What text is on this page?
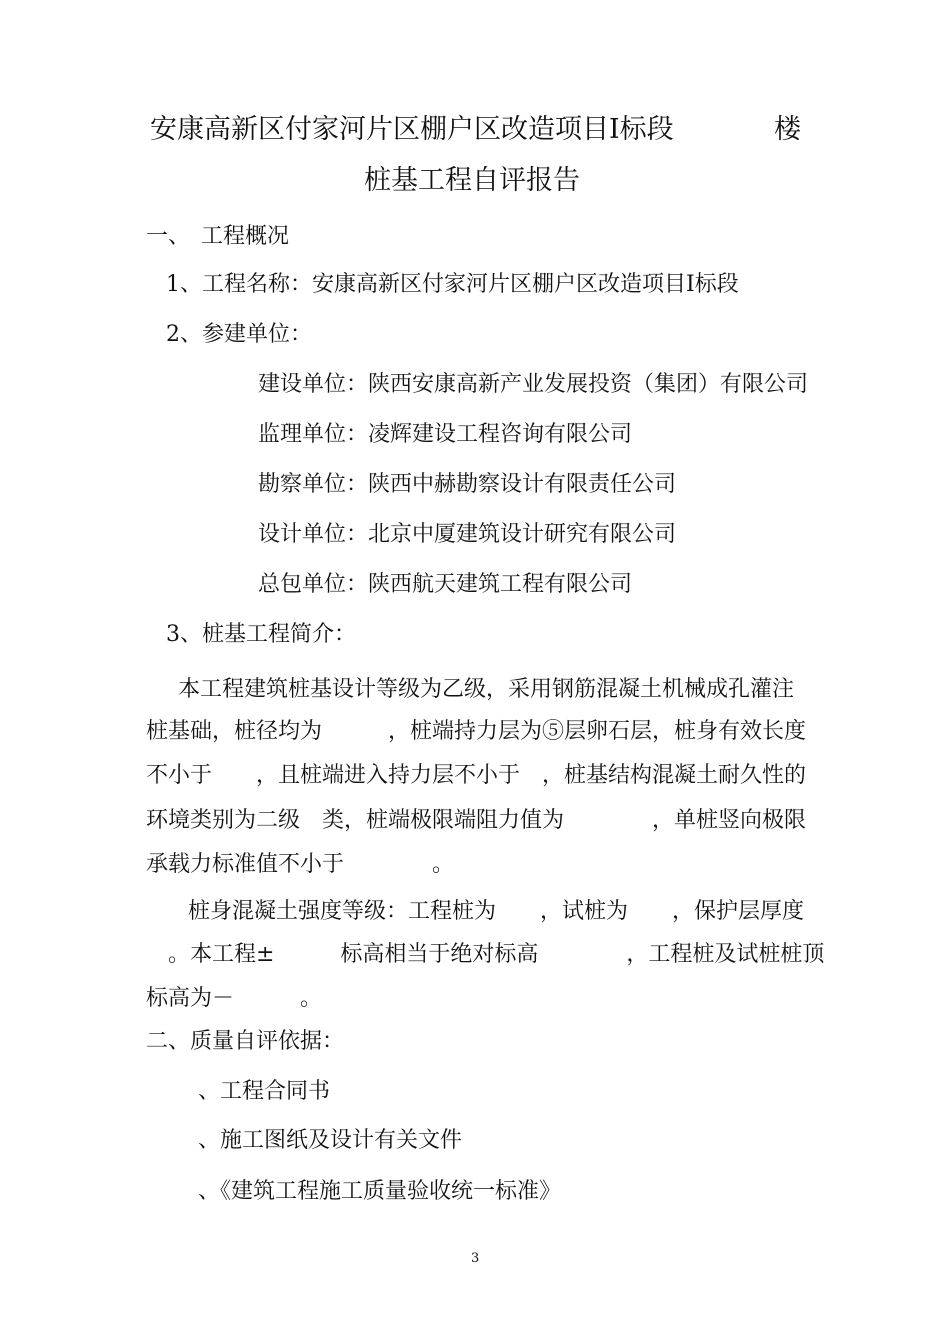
安康高新区付家河片区棚户区改造项目Ⅰ标段	楼
桩基工程自评报告
一、　工程概况
1、工程名称：安康高新区付家河片区棚户区改造项目Ⅰ标段
2、参建单位：
建设单位：陕西安康高新产业发展投资（集团）有限公司
监理单位：凌辉建设工程咨询有限公司
勘察单位：陕西中赫勘察设计有限责任公司
设计单位：北京中厦建筑设计研究有限公司
总包单位：陕西航天建筑工程有限公司
3、桩基工程简介：
本工程建筑桩基设计等级为乙级，采用钢筋混凝土机械成孔灌注
桩基础，桩径均为　　　，桩端持力层为⑤层卵石层，桩身有效长度
不小于　　，且桩端进入持力层不小于　，桩基结构混凝土耐久性的
环境类别为二级　类，桩端极限端阻力值为　　　　，单桩竖向极限
承载力标准值不小于　　　　。
桩身混凝土强度等级：工程桩为　　，试桩为　　，保护层厚度
。本工程±　　　标高相当于绝对标高　　　　，工程桩及试桩桩顶
标高为－　　　。
二、质量自评依据：
、工程合同书
、施工图纸及设计有关文件
、《建筑工程施工质量验收统一标准》
3
